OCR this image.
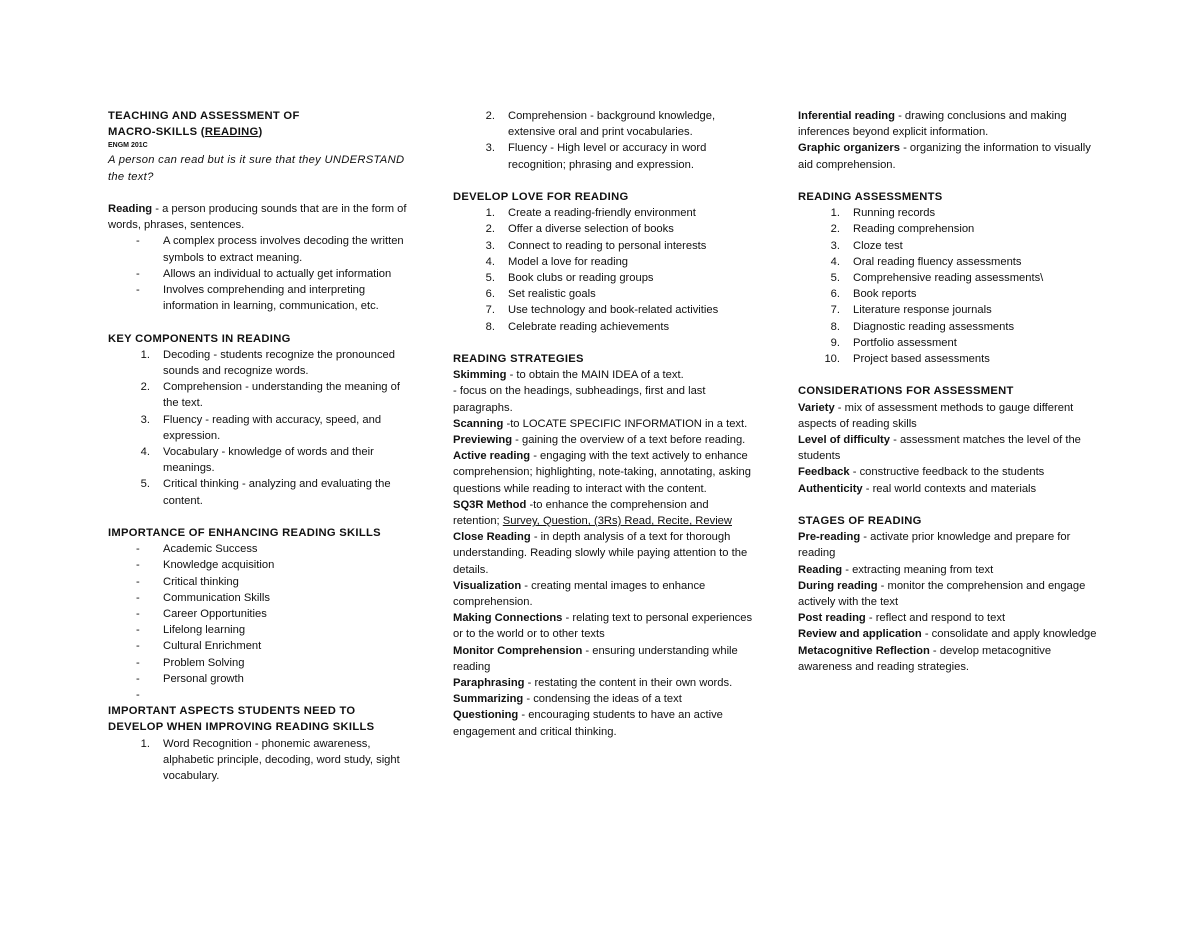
TEACHING AND ASSESSMENT OF

MACRO-SKILLS (READING)

ENGM 201C

A person can read but is it sure that they UNDERSTAND the text?

Reading - a person producing sounds that are in the form of words, phrases, sentences.

- A complex process involves decoding the written symbols to extract meaning.
- Allows an individual to actually get information
- Involves comprehending and interpreting information in learning, communication, etc.

KEY COMPONENTS IN READING

1. Decoding - students recognize the pronounced sounds and recognize words.
2. Comprehension - understanding the meaning of the text.
3. Fluency - reading with accuracy, speed, and expression.
4. Vocabulary - knowledge of words and their meanings.
5. Critical thinking - analyzing and evaluating the content.

IMPORTANCE OF ENHANCING READING SKILLS

- Academic Success
- Knowledge acquisition
- Critical thinking
- Communication Skills
- Career Opportunities
- Lifelong learning
- Cultural Enrichment
- Problem Solving
- Personal growth
-

IMPORTANT ASPECTS STUDENTS NEED TO

DEVELOP WHEN IMPROVING READING SKILLS

1. Word Recognition - phonemic awareness, alphabetic principle, decoding, word study, sight vocabulary.
2. Comprehension - background knowledge, extensive oral and print vocabularies.
3. Fluency - High level or accuracy in word recognition; phrasing and expression.

DEVELOP LOVE FOR READING

1. Create a reading-friendly environment
2. Offer a diverse selection of books
3. Connect to reading to personal interests
4. Model a love for reading
5. Book clubs or reading groups
6. Set realistic goals
7. Use technology and book-related activities
8. Celebrate reading achievements

READING STRATEGIES

Skimming - to obtain the MAIN IDEA of a text.

- focus on the headings, subheadings, first and last paragraphs.

Scanning -to LOCATE SPECIFIC INFORMATION in a text.

Previewing - gaining the overview of a text before reading.

Active reading - engaging with the text actively to enhance comprehension; highlighting, note-taking, annotating, asking questions while reading to interact with the content.

SQ3R Method -to enhance the comprehension and retention; Survey, Question, (3Rs) Read, Recite, Review

Close Reading - in depth analysis of a text for thorough understanding. Reading slowly while paying attention to the details.

Visualization - creating mental images to enhance comprehension.

Making Connections - relating text to personal experiences or to the world or to other texts

Monitor Comprehension - ensuring understanding while reading

Paraphrasing - restating the content in their own words.

Summarizing - condensing the ideas of a text

Questioning - encouraging students to have an active engagement and critical thinking.

Inferential reading - drawing conclusions and making inferences beyond explicit information.

Graphic organizers - organizing the information to visually aid comprehension.

READING ASSESSMENTS

1. Running records
2. Reading comprehension
3. Cloze test
4. Oral reading fluency assessments
5. Comprehensive reading assessments\
6. Book reports
7. Literature response journals
8. Diagnostic reading assessments
9. Portfolio assessment
10. Project based assessments

CONSIDERATIONS FOR ASSESSMENT

Variety - mix of assessment methods to gauge different aspects of reading skills

Level of difficulty - assessment matches the level of the students

Feedback - constructive feedback to the students

Authenticity - real world contexts and materials

STAGES OF READING

Pre-reading - activate prior knowledge and prepare for reading

Reading - extracting meaning from text

During reading - monitor the comprehension and engage actively with the text

Post reading - reflect and respond to text

Review and application - consolidate and apply knowledge

Metacognitive Reflection - develop metacognitive awareness and reading strategies.
